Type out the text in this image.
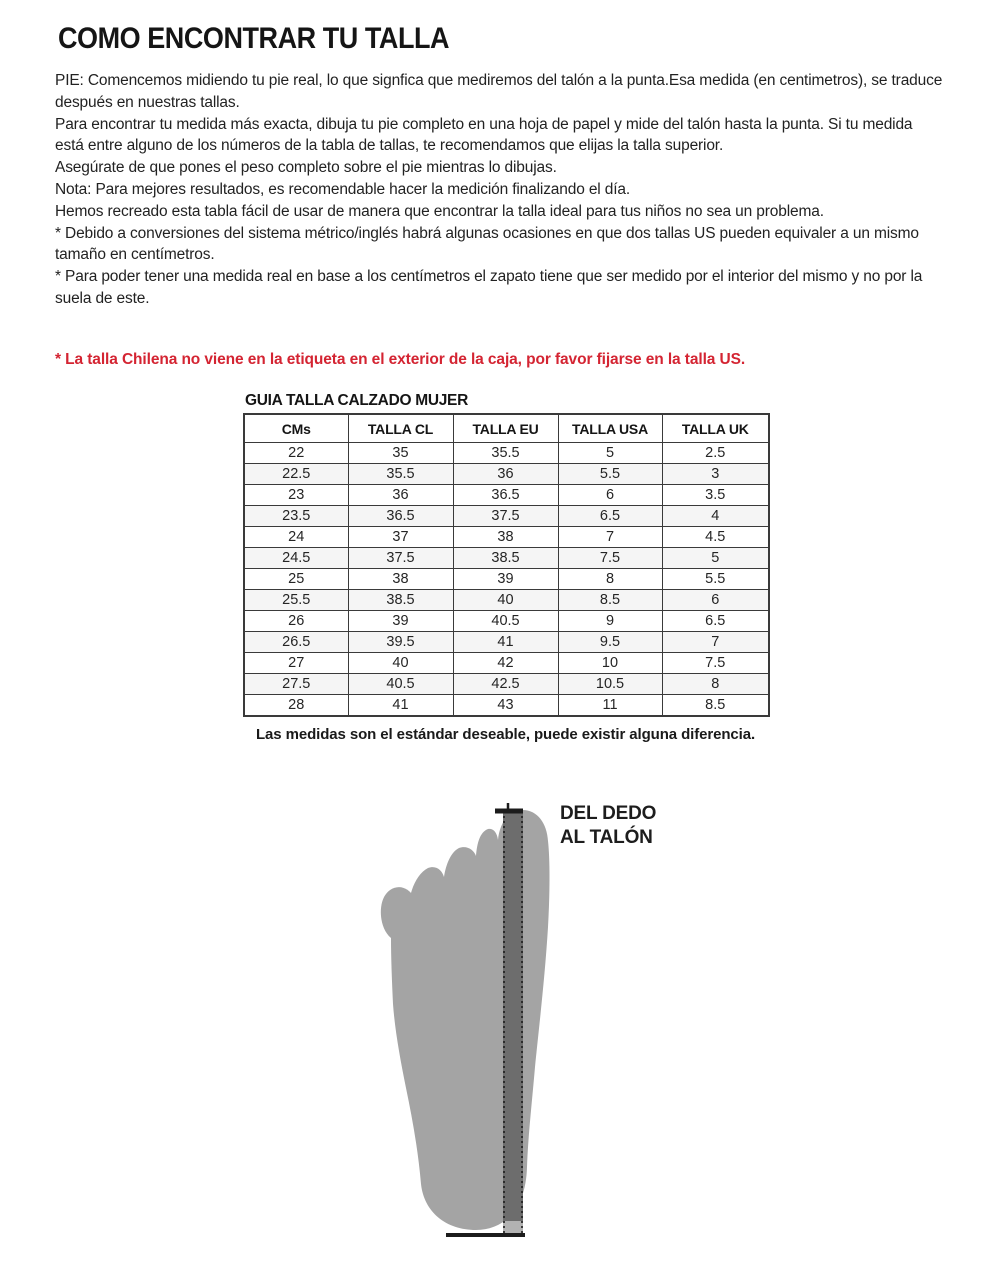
COMO ENCONTRAR TU TALLA

PIE: Comencemos midiendo tu pie real, lo que signfica que mediremos del talón a la punta.Esa medida (en centimetros), se traduce después en nuestras tallas.

Para encontrar tu medida más exacta, dibuja tu pie completo en una hoja de papel y mide del talón hasta la punta. Si tu medida está entre alguno de los números de la tabla de tallas, te recomendamos que elijas la talla superior.

Asegúrate de que pones el peso completo sobre el pie mientras lo dibujas.

Nota: Para mejores resultados, es recomendable hacer la medición finalizando el día.

Hemos recreado esta tabla fácil de usar de manera que encontrar la talla ideal para tus niños no sea un problema.

* Debido a conversiones del sistema métrico/inglés habrá algunas ocasiones en que dos tallas US pueden equivaler a un mismo tamaño en centímetros.

* Para poder tener una medida real en base a los centímetros el zapato tiene que ser medido por el interior del mismo y no por la suela de este.

* La talla Chilena no viene en la etiqueta en el exterior de la caja, por favor fijarse en la talla US.
GUIA TALLA CALZADO MUJER
CMs	TALLA CL	TALLA EU	TALLA USA	TALLA UK
22	35	35.5	5	2.5
22.5	35.5	36	5.5	3
23	36	36.5	6	3.5
23.5	36.5	37.5	6.5	4
24	37	38	7	4.5
24.5	37.5	38.5	7.5	5
25	38	39	8	5.5
25.5	38.5	40	8.5	6
26	39	40.5	9	6.5
26.5	39.5	41	9.5	7
27	40	42	10	7.5
27.5	40.5	42.5	10.5	8
28	41	43	11	8.5
Las medidas son el estándar deseable, puede existir alguna diferencia.
DEL DEDO
AL TALÓN
